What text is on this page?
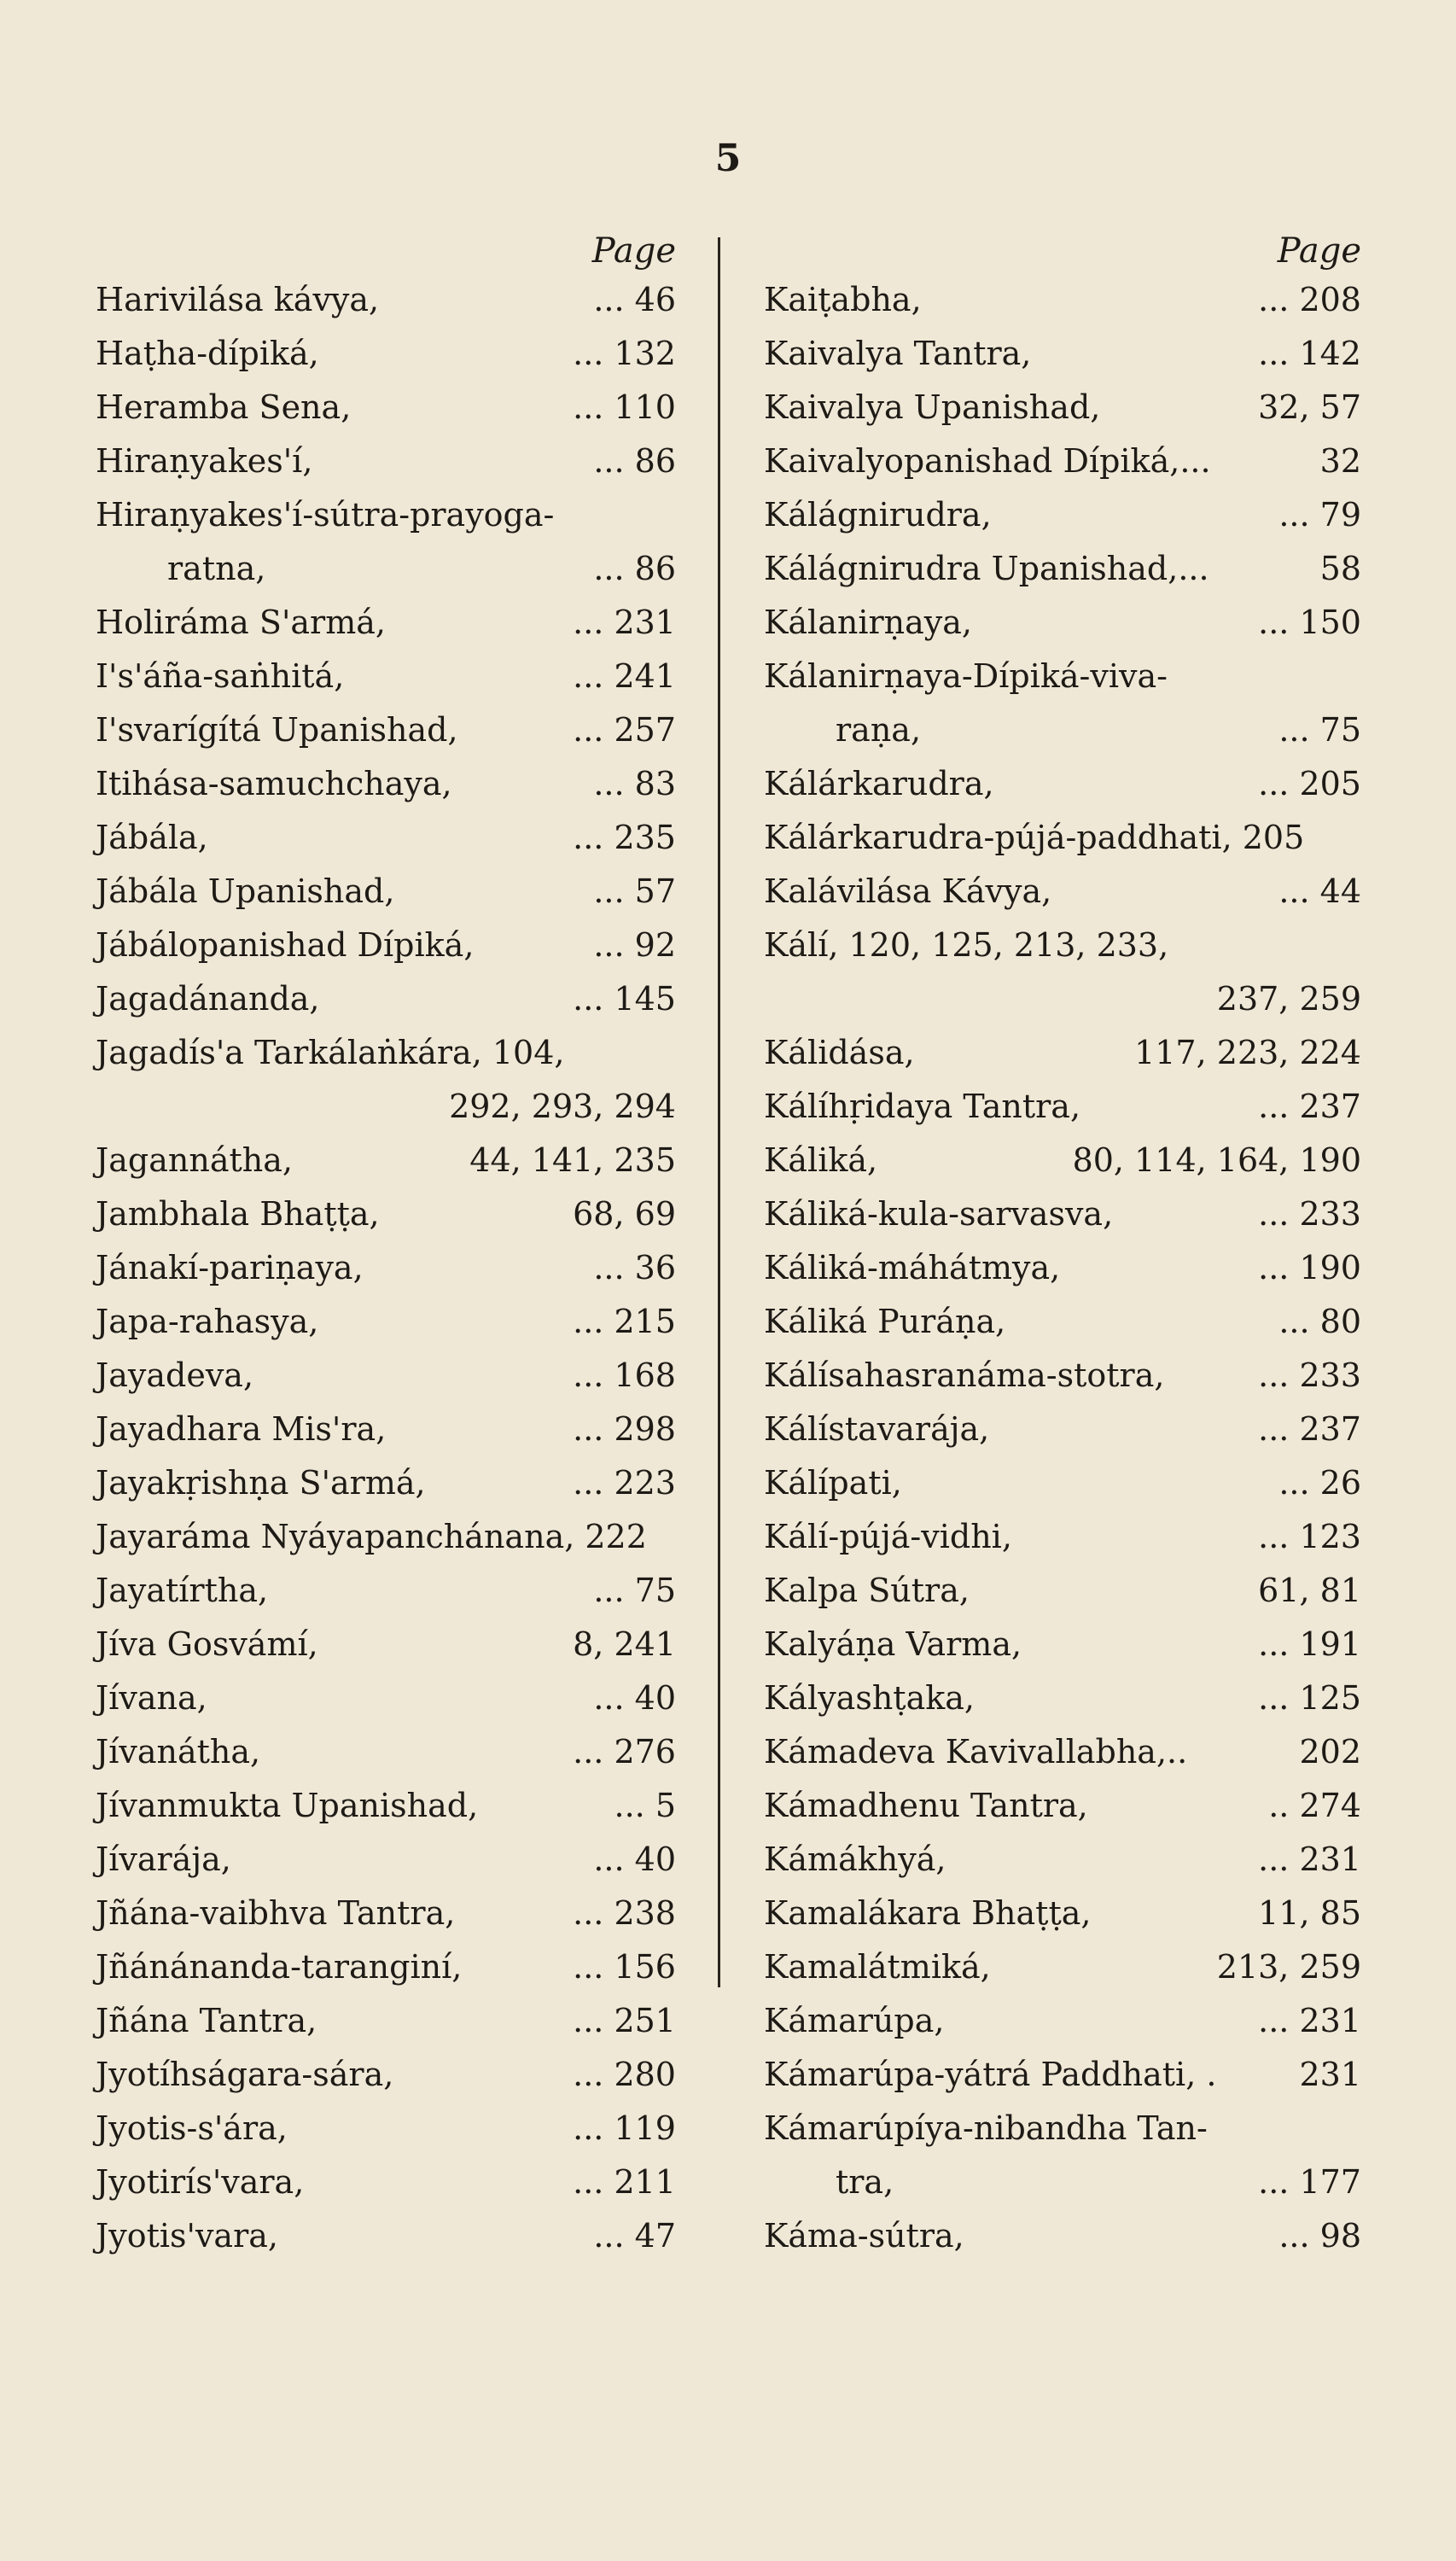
5
Page
Harivilása kávya,	... 46
Haṭha-dípiká,	... 132
Heramba Sena,	... 110
Hiraṇyakes'í,	... 86
Hiraṇyakes'í-sútra-prayoga-
ratna,	... 86
Holiráma S'armá,	... 231
I's'áña-saṅhitá,	... 241
I'svarígítá Upanishad,	... 257
Itihása-samuchchaya,	... 83
Jábála,	... 235
Jábála Upanishad,	... 57
Jábálopanishad Dípiká,	... 92
Jagadánanda,	... 145
Jagadís'a Tarkálaṅkára, 104,
292, 293, 294
Jagannátha,	44, 141, 235
Jambhala Bhaṭṭa,	68, 69
Jánakí-pariṇaya,	... 36
Japa-rahasya,	... 215
Jayadeva,	... 168
Jayadhara Mis'ra,	... 298
Jayakṛishṇa S'armá,	... 223
Jayaráma Nyáyapanchánana, 222
Jayatírtha,	... 75
Jíva Gosvámí,	8, 241
Jívana,	... 40
Jívanátha,	... 276
Jívanmukta Upanishad,	... 5
Jívarája,	... 40
Jñána-vaibhva Tantra,	... 238
Jñánánanda-taranginí,	... 156
Jñána Tantra,	... 251
Jyotíhságara-sára,	... 280
Jyotis-s'ára,	... 119
Jyotirís'vara,	... 211
Jyotis'vara,	... 47
Page
Kaiṭabha,	... 208
Kaivalya Tantra,	... 142
Kaivalya Upanishad,	32, 57
Kaivalyopanishad Dípiká,...	32
Kálágnirudra,	... 79
Kálágnirudra Upanishad,...	58
Kálanirṇaya,	... 150
Kálanirṇaya-Dípiká-viva-
raṇa,	... 75
Kálárkarudra,	... 205
Kálárkarudra-pújá-paddhati, 205
Kalávilása Kávya,	... 44
Kálí, 120, 125, 213, 233,
237, 259
Kálidása,	117, 223, 224
Kálíhṛidaya Tantra,	... 237
Káliká,	80, 114, 164, 190
Káliká-kula-sarvasva,	... 233
Káliká-máhátmya,	... 190
Káliká Puráṇa,	... 80
Kálísahasranáma-stotra,	... 233
Kálístavarája,	... 237
Kálípati,	... 26
Kálí-pújá-vidhi,	... 123
Kalpa Sútra,	61, 81
Kalyáṇa Varma,	... 191
Kályashṭaka,	... 125
Kámadeva Kavivallabha,..	202
Kámadhenu Tantra,	.. 274
Kámákhyá,	... 231
Kamalákara Bhaṭṭa,	11, 85
Kamalátmiká,	213, 259
Kámarúpa,	... 231
Kámarúpa-yátrá Paddhati, .	231
Kámarúpíya-nibandha Tan-
tra,	... 177
Káma-sútra,	... 98
